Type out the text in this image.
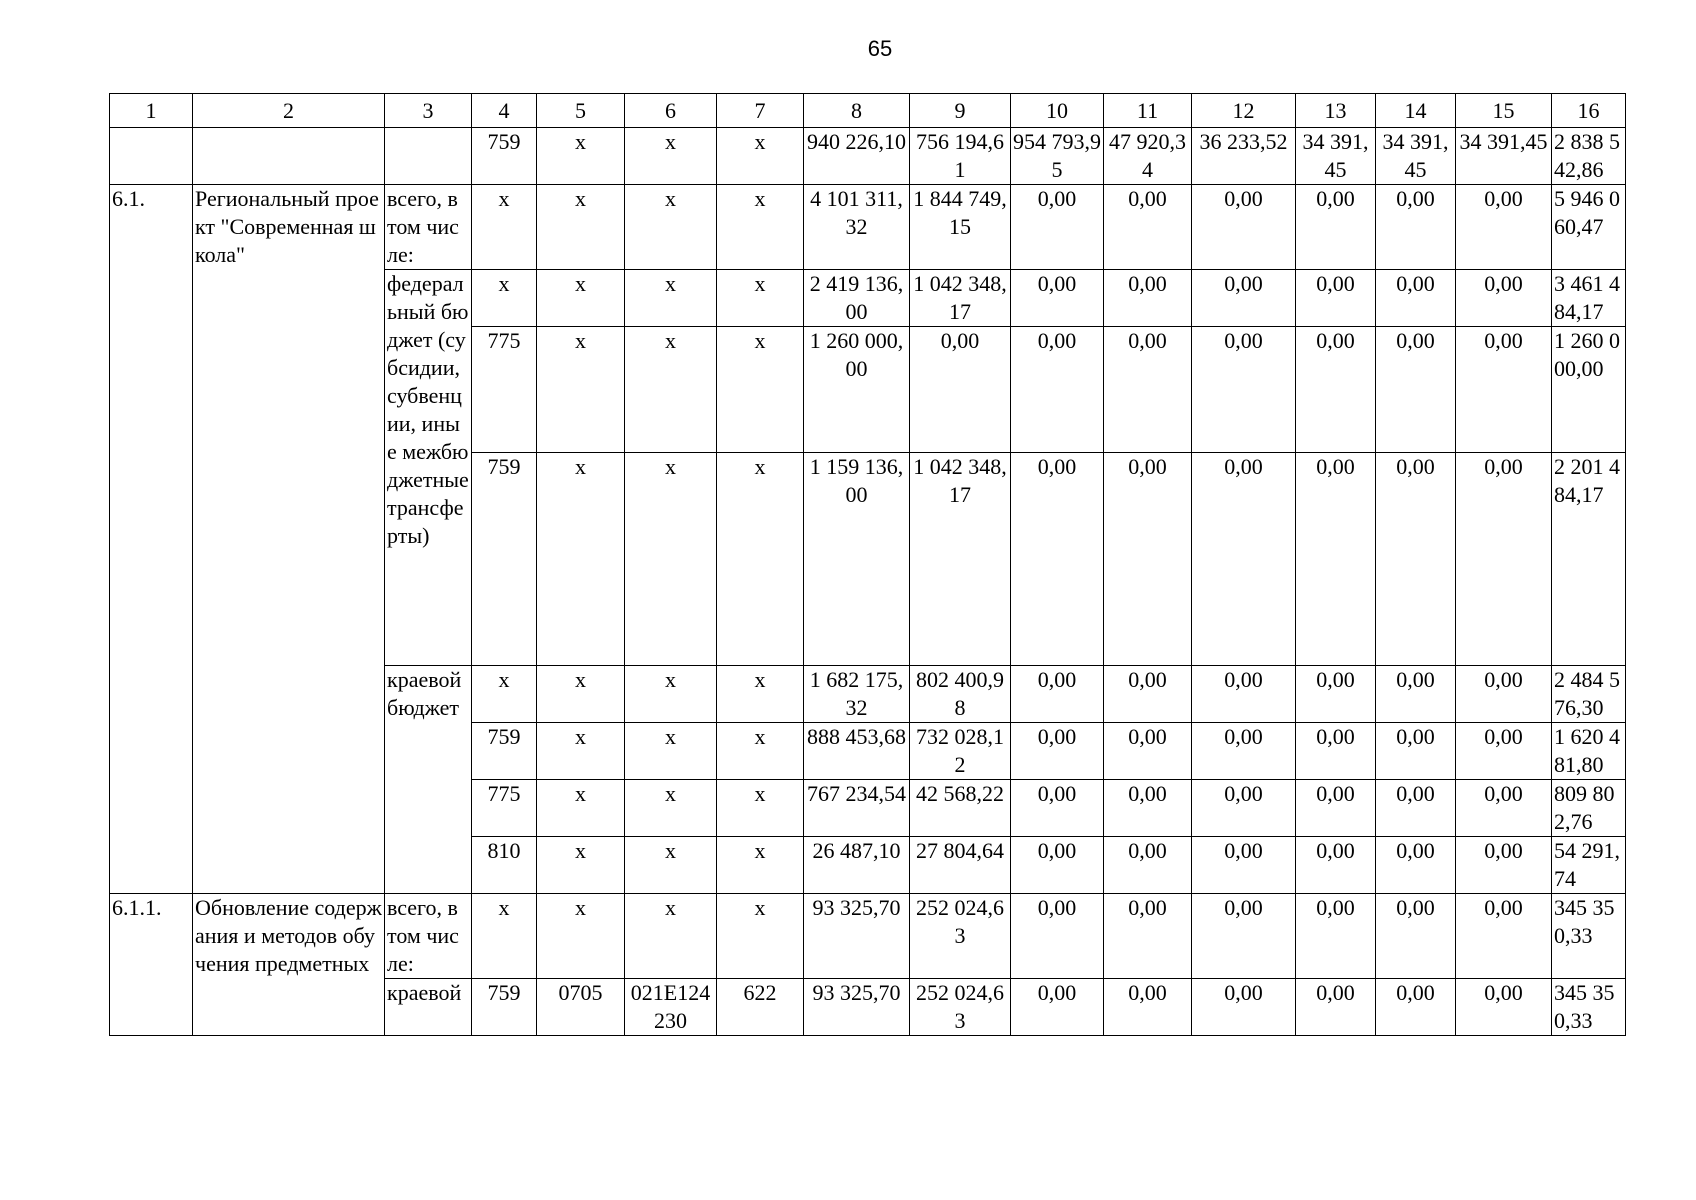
65
1	2	3	4	5	6	7	8	9	10	11	12	13	14	15	16
			759	х	х	х	940 226,10	756 194,61	954 793,95	47 920,34	36 233,52	34 391,45	34 391,45	34 391,45	2 838 542,86
6.1.	Региональный проект "Современная школа"	всего, в том числе:	х	х	х	х	4 101 311,32	1 844 749,15	0,00	0,00	0,00	0,00	0,00	0,00	5 946 060,47
		федеральный бюджет (субсидии, субвенции, иные межбюджетные трансферты)	х	х	х	х	2 419 136,00	1 042 348,17	0,00	0,00	0,00	0,00	0,00	0,00	3 461 484,17
			775	х	х	х	1 260 000,00	0,00	0,00	0,00	0,00	0,00	0,00	0,00	1 260 000,00
			759	х	х	х	1 159 136,00	1 042 348,17	0,00	0,00	0,00	0,00	0,00	0,00	2 201 484,17
		краевой бюджет	х	х	х	х	1 682 175,32	802 400,98	0,00	0,00	0,00	0,00	0,00	0,00	2 484 576,30
			759	х	х	х	888 453,68	732 028,12	0,00	0,00	0,00	0,00	0,00	0,00	1 620 481,80
			775	х	х	х	767 234,54	42 568,22	0,00	0,00	0,00	0,00	0,00	0,00	809 802,76
			810	х	х	х	26 487,10	27 804,64	0,00	0,00	0,00	0,00	0,00	0,00	54 291,74
6.1.1.	Обновление содержания и методов обучения предметных	всего, в том числе:	х	х	х	х	93 325,70	252 024,63	0,00	0,00	0,00	0,00	0,00	0,00	345 350,33
		краевой	759	0705	021E124230	622	93 325,70	252 024,63	0,00	0,00	0,00	0,00	0,00	0,00	345 350,33
